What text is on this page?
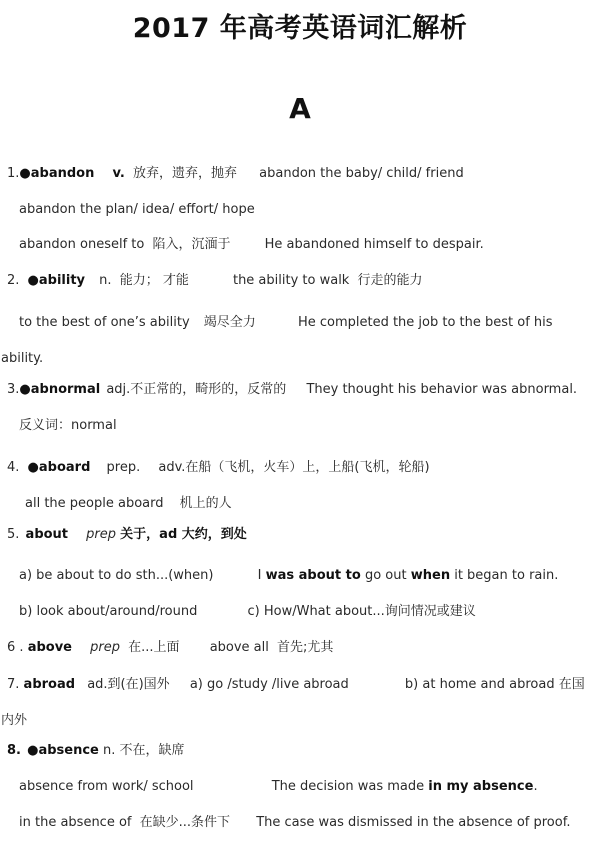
2017 年高考英语词汇解析
A
1.●abandon v. 放弃，遗弃，抛弃 abandon the baby/ child/ friend
abandon the plan/ idea/ effort/ hope
abandon oneself to 陷入，沉湎于	He abandoned himself to despair.
2. ●ability n. 能力； 才能	the ability to walk 行走的能力
to the best of one’s ability 竭尽全力	He completed the job to the best of his
ability.
3.●abnormal adj.不正常的，畸形的，反常的 They thought his behavior was abnormal.
反义词：normal
4. ●aboard prep. adv.在船（飞机，火车）上，上船(飞机，轮船)
all the people aboard 机上的人
5. about prep 关于，ad 大约，到处
a) be about to do sth...(when)	I was about to go out when it began to rain.
b) look about/around/round	c) How/What about...询问情况或建议
6 . above prep 在...上面 above all 首先;尤其
7. abroad ad.到(在)国外 a) go /study /live abroad	b) at home and abroad 在国
内外
8. ●absence n. 不在，缺席
absence from work/ school	The decision was made in my absence.
in the absence of 在缺少...条件下 The case was dismissed in the absence of proof.
